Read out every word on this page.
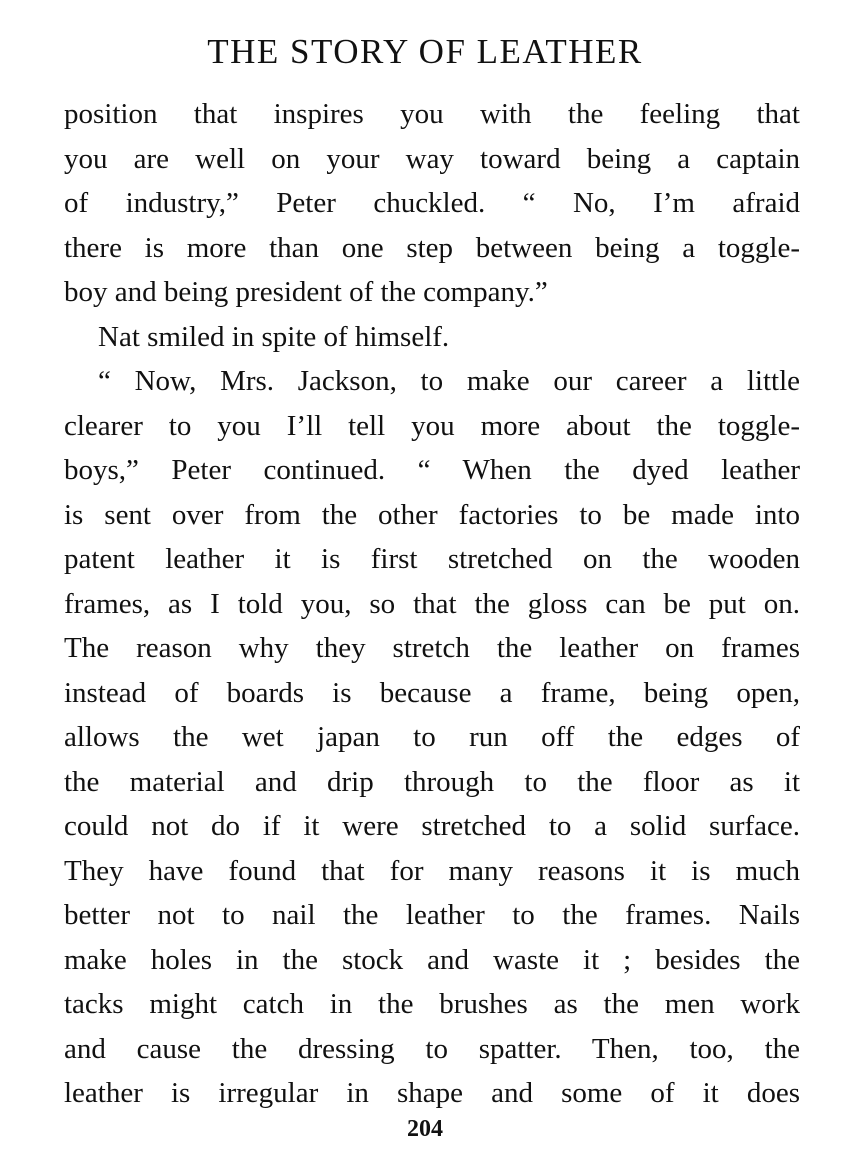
THE STORY OF LEATHER
position that inspires you with the feeling that
you are well on your way toward being a captain
of industry,” Peter chuckled. “ No, I’m afraid
there is more than one step between being a toggle-
boy and being president of the company.”
Nat smiled in spite of himself.
“ Now, Mrs. Jackson, to make our career a little
clearer to you I’ll tell you more about the toggle-
boys,” Peter continued. “ When the dyed leather
is sent over from the other factories to be made into
patent leather it is first stretched on the wooden
frames, as I told you, so that the gloss can be put on.
The reason why they stretch the leather on frames
instead of boards is because a frame, being open,
allows the wet japan to run off the edges of
the material and drip through to the floor as it
could not do if it were stretched to a solid surface.
They have found that for many reasons it is much
better not to nail the leather to the frames. Nails
make holes in the stock and waste it ; besides the
tacks might catch in the brushes as the men work
and cause the dressing to spatter. Then, too, the
leather is irregular in shape and some of it does
204
